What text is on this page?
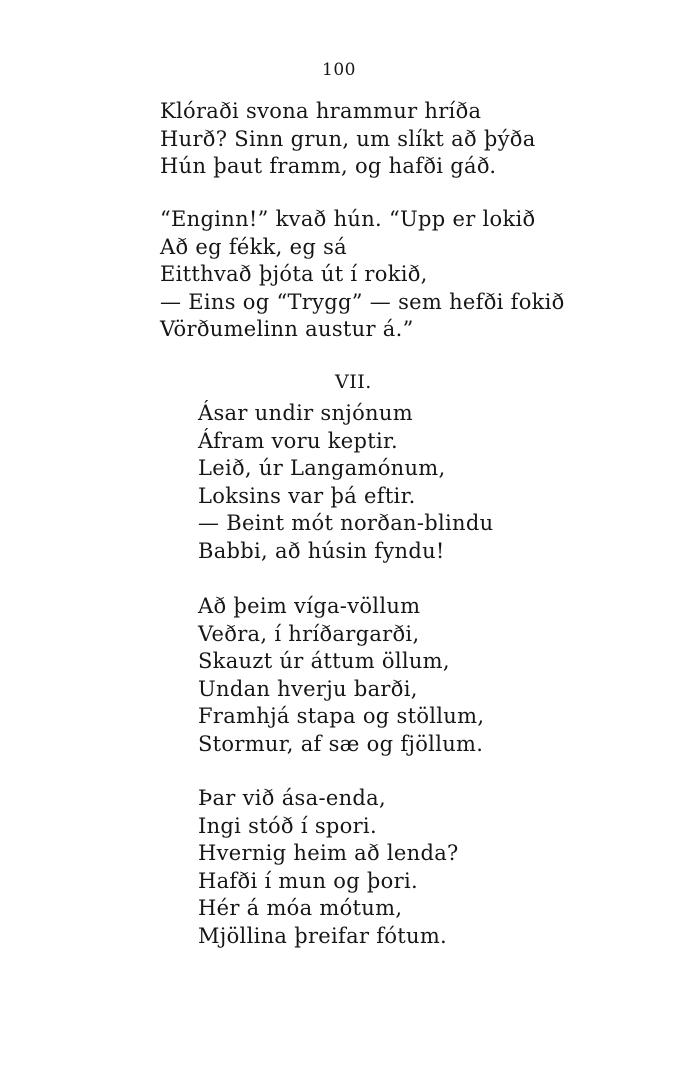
100
Klóraði svona hrammur hríða
Hurð? Sinn grun, um slíkt að þýða
Hún þaut framm, og hafði gáð.
“Enginn!” kvað hún. “Upp er lokið
Að eg fékk, eg sá
Eitthvað þjóta út í rokið,
— Eins og “Trygg” — sem hefði fokið
Vörðumelinn austur á.”
VII.
Ásar undir snjónum
Áfram voru keptir.
Leið, úr Langamónum,
Loksins var þá eftir.
— Beint mót norðan-blindu
Babbi, að húsin fyndu!
Að þeim víga-völlum
Veðra, í hríðargarði,
Skauzt úr áttum öllum,
Undan hverju barði,
Framhjá stapa og stöllum,
Stormur, af sæ og fjöllum.
Þar við ása-enda,
Ingi stóð í spori.
Hvernig heim að lenda?
Hafði í mun og þori.
Hér á móa mótum,
Mjöllina þreifar fótum.
